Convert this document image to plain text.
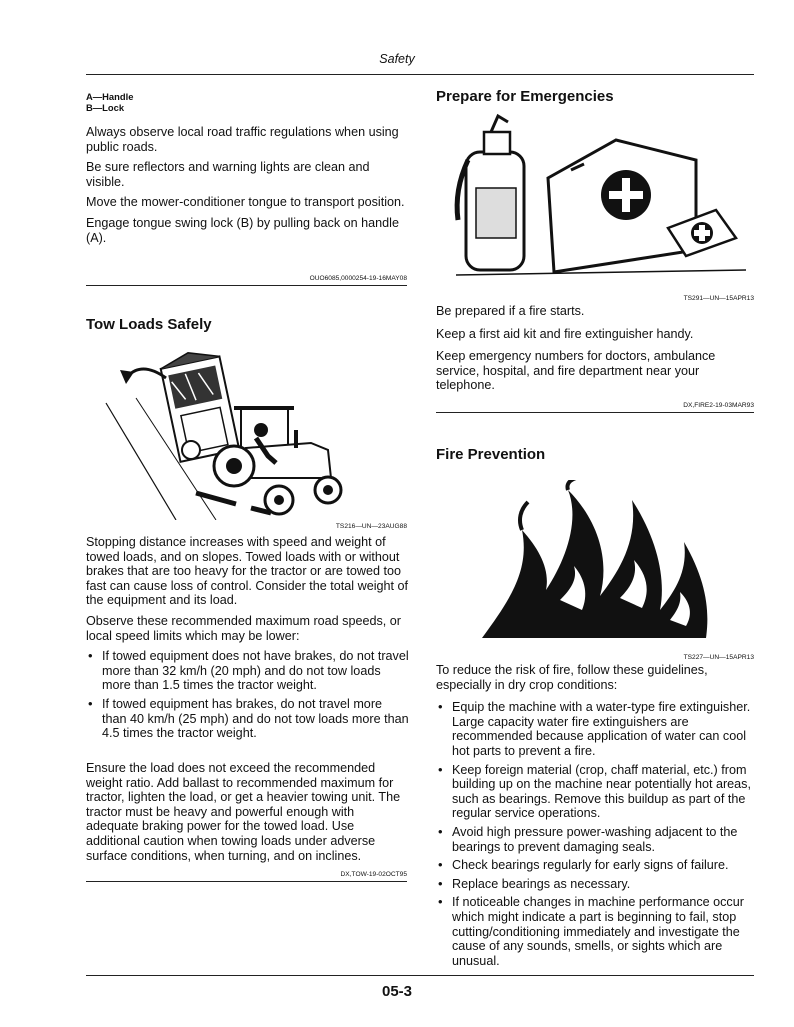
Safety
A—Handle
B—Lock

Always observe local road traffic regulations when using public roads.

Be sure reflectors and warning lights are clean and visible.

Move the mower-conditioner tongue to transport position.

Engage tongue swing lock (B) by pulling back on handle (A).

OUO6085,0000254-19-16MAY08
Tow Loads Safely
TS216—UN—23AUG88

Stopping distance increases with speed and weight of towed loads, and on slopes. Towed loads with or without brakes that are too heavy for the tractor or are towed too fast can cause loss of control. Consider the total weight of the equipment and its load.

Observe these recommended maximum road speeds, or local speed limits which may be lower:

• If towed equipment does not have brakes, do not travel more than 32 km/h (20 mph) and do not tow loads more than 1.5 times the tractor weight.
• If towed equipment has brakes, do not travel more than 40 km/h (25 mph) and do not tow loads more than 4.5 times the tractor weight.

Ensure the load does not exceed the recommended weight ratio. Add ballast to recommended maximum for tractor, lighten the load, or get a heavier towing unit. The tractor must be heavy and powerful enough with adequate braking power for the towed load. Use additional caution when towing loads under adverse surface conditions, when turning, and on inclines.

DX,TOW-19-02OCT95
Prepare for Emergencies
TS291—UN—15APR13

Be prepared if a fire starts.

Keep a first aid kit and fire extinguisher handy.

Keep emergency numbers for doctors, ambulance service, hospital, and fire department near your telephone.

DX,FIRE2-19-03MAR93
Fire Prevention
TS227—UN—15APR13

To reduce the risk of fire, follow these guidelines, especially in dry crop conditions:

• Equip the machine with a water-type fire extinguisher. Large capacity water fire extinguishers are recommended because application of water can cool hot parts to prevent a fire.
• Keep foreign material (crop, chaff material, etc.) from building up on the machine near potentially hot areas, such as bearings. Remove this buildup as part of the regular service operations.
• Avoid high pressure power-washing adjacent to the bearings to prevent damaging seals.
• Check bearings regularly for early signs of failure.
• Replace bearings as necessary.
• If noticeable changes in machine performance occur which might indicate a part is beginning to fail, stop cutting/conditioning immediately and investigate the cause of any sounds, smells, or sights which are unusual.
05-3
